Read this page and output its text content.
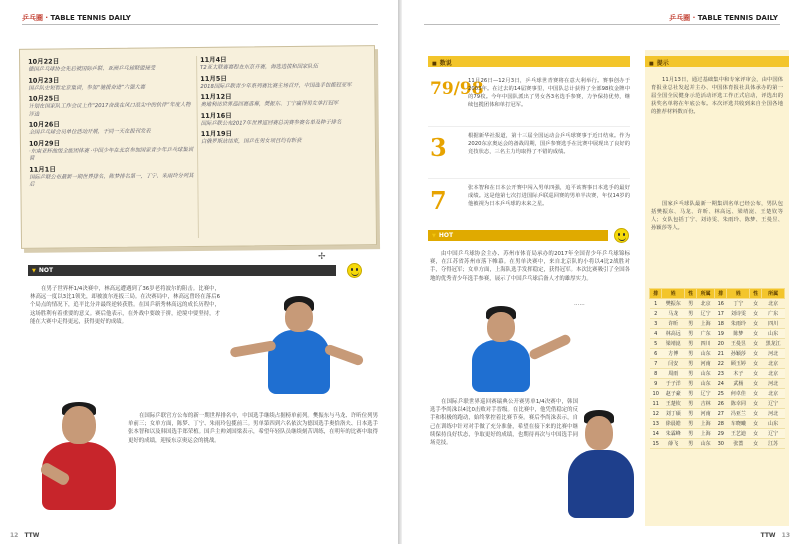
乒乓圈 · TABLE TENNIS DAILY
10月22日
德国乒乓球协会先后被国际乒联、亚洲乒乓球联盟接受
10月23日
国乒队史短暂北京集训，参加“驰援奋进”六强大赛
10月25日
计划在国家队工作会议上作“2017奋战在风口浪尖中的伙伴”年度人物评选
10月26日
全国乒乓球会员单位活动开展，于同一天在报刊发表
10月29日
·东南亚杯曲级全能团体赛 ·中国少年在北京参加国家青少年乒乓球集训营
11月1日
国际乒联公布最新一期世界排名，陈梦排名第一，丁宁、朱雨玲分列其后
11月4日
T2亚太联赛赛程在东京开赛，海选选拔和国家队伍
11月5日
2018国际乒联青少年系列赛比赛主场召开，中国选手包揽冠亚军
11月12日
奥地利站世界巡回赛落幕，樊振东、丁宁赢得男女单打冠军
11月16日
国际乒联公布2017年世界巡回赛总决赛参赛名单及种子排名
11月19日
白俄罗斯站结束，国乒在男女项目均有斩获
✢
▼ NOT
在男子世界杯1/4决赛中，林高远遭遇到了36岁老将波尔的阻击。比赛中，林高远一度以3比1领先，却被波尔连扳三局。在决赛局中，林高远曾经在落后6个局点的情况下，追平比分并最终逆转获胜。在国乒新秀林高远的成长历程中，这场胜利有着重要的意义。赛后他表示，在外战中要敢于拼，逆境中要坚持，才能在大赛中走得更远，获得更好的成绩。
在国际乒联官方公布的新一期世界排名中，中国选手继续占据榜单前列。樊振东与马龙、许昕位列男单前三；女单方面，陈梦、丁宁、朱雨玲包揽前三。男单第四到六名依次为德国选手奥恰洛夫、日本选手张本智和以及韩国选手郑荣植。国乒主帅刘国梁表示，希望年轻队员继续刻苦训练，在明年的比赛中取得更好的成绩，迎接东京奥运会的挑战。
12 TTW
乒乓圈 · TABLE TENNIS DAILY
■ 数说
79/98
11月26日—12月3日，乒乓球世青赛将在意大利举行。赛事创办于2003年。在过去的14届赛事里，中国队总计获得了全部98枚金牌中的79枚。今年中国队派出了男女各3名选手参赛，力争保持优势，继续包揽团体和单打冠军。
3	根据新华社报道，第十三届全国运动会乒乓球赛事于近日结束。作为2020东京奥运会的备战周期，国乒参赛选手在比赛中展现出了良好的竞技状态，三名主力均取得了不错的成绩。
7	张本智和在日本公开赛中闯入男单四强，追平该赛事日本选手的最好成绩。这是他第七次打进国际乒联巡回赛的男单半决赛，年仅14岁的他被视为日本乒乓球的未来之星。
▼ HOT
由中国乒乓球协会主办、苏州市体育局承办的2017年全国青少年乒乓球锦标赛，在江苏省苏州市落下帷幕。在男单决赛中，来自北京队的小将以4比2战胜对手，夺得冠军；女单方面，上海队选手发挥稳定，获得冠军。本次比赛吸引了全国各地的优秀青少年选手参赛，展示了中国乒乓球后备人才的雄厚实力。
……
在国际乒联世界巡回赛瑞典公开赛男单1/4决赛中，韩国选手李尚洙以4比0击败对手晋级。在比赛中，他凭借稳定的反手和积极的跑动，始终掌控着比赛节奏。赛后李尚洙表示，自己在训练中针对对手做了充分准备，希望在接下来的比赛中继续保持良好状态，争取更好的成绩，也期待再次与中国选手同场竞技。
■ 提示
11月13日，通过基础集中和专家评审会，由中国体育报业总社发起并主办、中国体育报社具体承办的第一届全国全民健身示范活动评选工作正式启动，评选出的获奖名单将在年底公布。本次评选共收到来自全国各地的推荐材料数百份。
国家乒乓球队最新一期集训名单已经公布，男队包括樊振东、马龙、许昕、林高远、梁靖崑、王楚钦等人；女队包括丁宁、刘诗雯、朱雨玲、陈梦、王曼昱、孙颖莎等人。
排	姓	性	所属	排	姓	性	所属
1	樊振东	男	北京	16	丁宁	女	北京
2	马龙	男	辽宁	17	刘诗雯	女	广东
3	许昕	男	上海	18	朱雨玲	女	四川
4	林高远	男	广东	19	陈梦	女	山东
5	梁靖崑	男	四川	20	王曼昱	女	黑龙江
6	方博	男	山东	21	孙颖莎	女	河北
7	闫安	男	河南	22	顾玉婷	女	北京
8	周雨	男	山东	23	木子	女	北京
9	于子洋	男	山东	24	武杨	女	河北
10	赵子豪	男	辽宁	25	何卓佳	女	北京
11	王楚钦	男	吉林	26	陈幸同	女	辽宁
12	刘丁硕	男	河南	27	冯亚兰	女	河北
13	徐晨皓	男	上海	28	车晓曦	女	山东
14	朱霖峰	男	上海	29	王艺迪	女	辽宁
15	薛飞	男	山东	30	张蔷	女	江苏
TTW 13
